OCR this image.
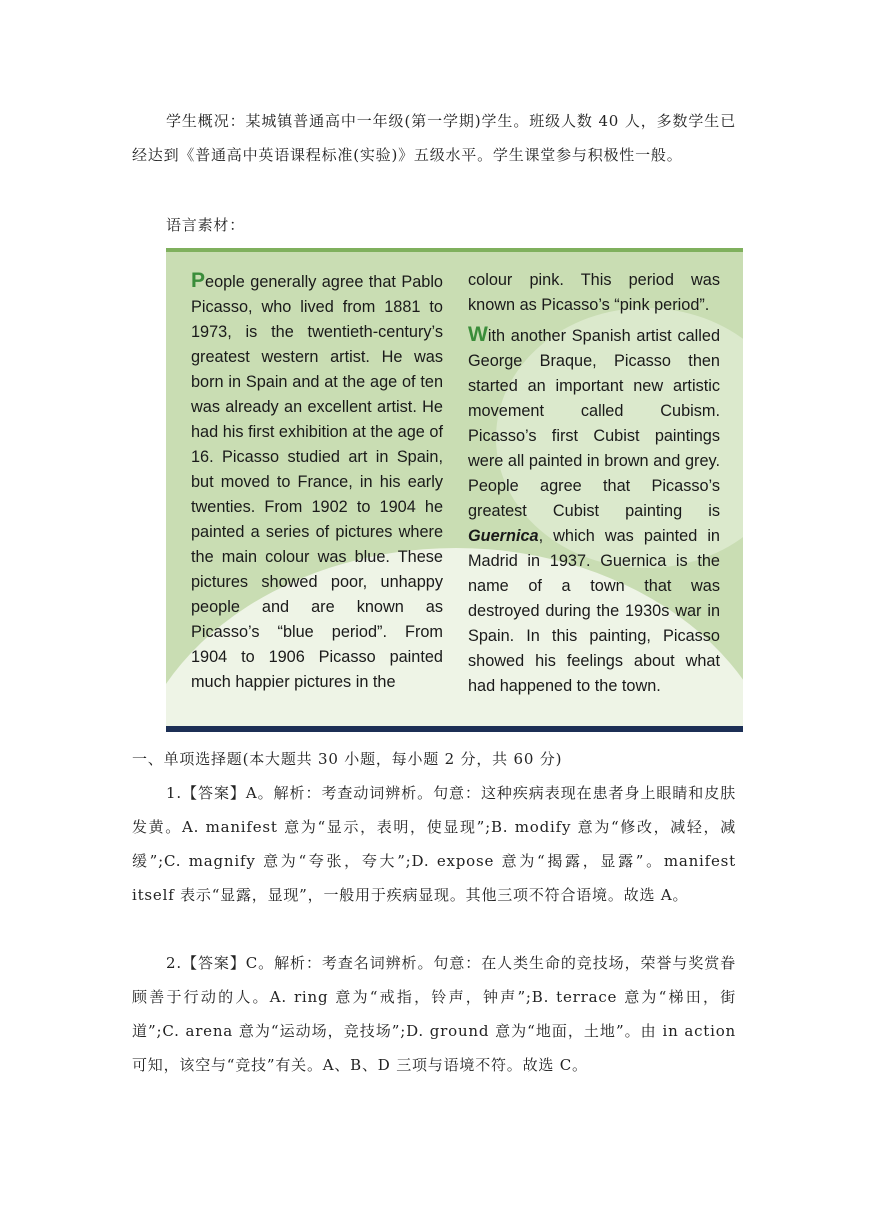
学生概况：某城镇普通高中一年级(第一学期)学生。班级人数 40 人，多数学生已经达到《普通高中英语课程标准(实验)》五级水平。学生课堂参与积极性一般。

语言素材：

People generally agree that Pablo Picasso, who lived from 1881 to 1973, is the twentieth-century’s greatest western artist. He was born in Spain and at the age of ten was already an excellent artist. He had his first exhibition at the age of 16. Picasso studied art in Spain, but moved to France, in his early twenties. From 1902 to 1904 he painted a series of pictures where the main colour was blue. These pictures showed poor, unhappy people and are known as Picasso’s “blue period”. From 1904 to 1906 Picasso painted much happier pictures in the

colour pink. This period was known as Picasso’s “pink period”.

With another Spanish artist called George Braque, Picasso then started an important new artistic movement called Cubism. Picasso’s first Cubist paintings were all painted in brown and grey. People agree that Picasso’s greatest Cubist painting is Guernica, which was painted in Madrid in 1937. Guernica is the name of a town that was destroyed during the 1930s war in Spain. In this painting, Picasso showed his feelings about what had happened to the town.

一、单项选择题(本大题共 30 小题，每小题 2 分，共 60 分)

1.【答案】A。解析：考查动词辨析。句意：这种疾病表现在患者身上眼睛和皮肤发黄。A. manifest 意为“显示，表明，使显现”;B. modify 意为“修改，减轻，减缓”;C. magnify 意为“夸张，夸大”;D. expose 意为“揭露，显露”。manifest itself 表示“显露，显现”，一般用于疾病显现。其他三项不符合语境。故选 A。

2.【答案】C。解析：考查名词辨析。句意：在人类生命的竞技场，荣誉与奖赏眷顾善于行动的人。A. ring 意为“戒指，铃声，钟声”;B. terrace 意为“梯田，街道”;C. arena 意为“运动场，竞技场”;D. ground 意为“地面，土地”。由 in action 可知，该空与“竞技”有关。A、B、D 三项与语境不符。故选 C。
